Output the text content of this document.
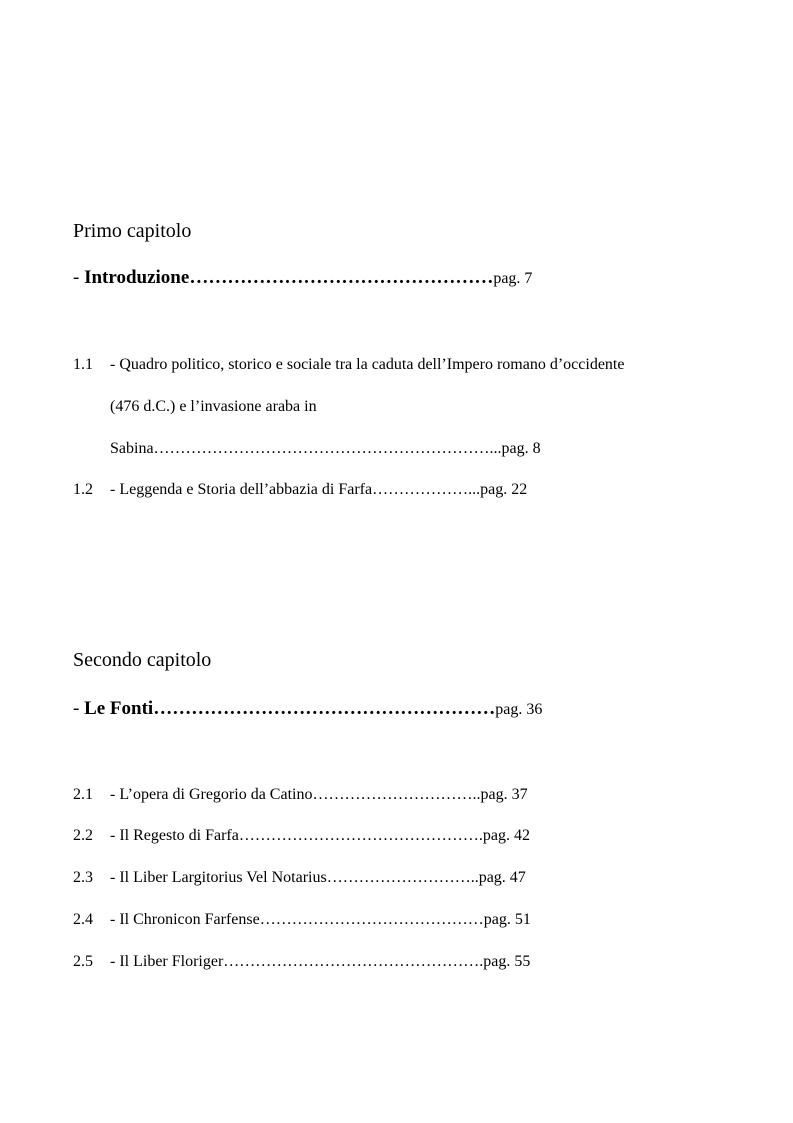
Primo capitolo
- Introduzione…………………………………………pag. 7
1.1 - Quadro politico, storico e sociale tra la caduta dell’Impero romano d’occidente
(476 d.C.) e l’invasione araba in
Sabina………………………………………………………...pag. 8
1.2 - Leggenda e Storia dell’abbazia di Farfa………………...pag. 22
Secondo capitolo
- Le Fonti………………………………………………pag. 36
2.1 - L’opera di Gregorio da Catino…………………………..pag. 37
2.2 - Il Regesto di Farfa……………………………………….pag. 42
2.3 - Il Liber Largitorius Vel Notarius………………………..pag. 47
2.4 - Il Chronicon Farfense……………………………………pag. 51
2.5 - Il Liber Floriger………………………………………….pag. 55
